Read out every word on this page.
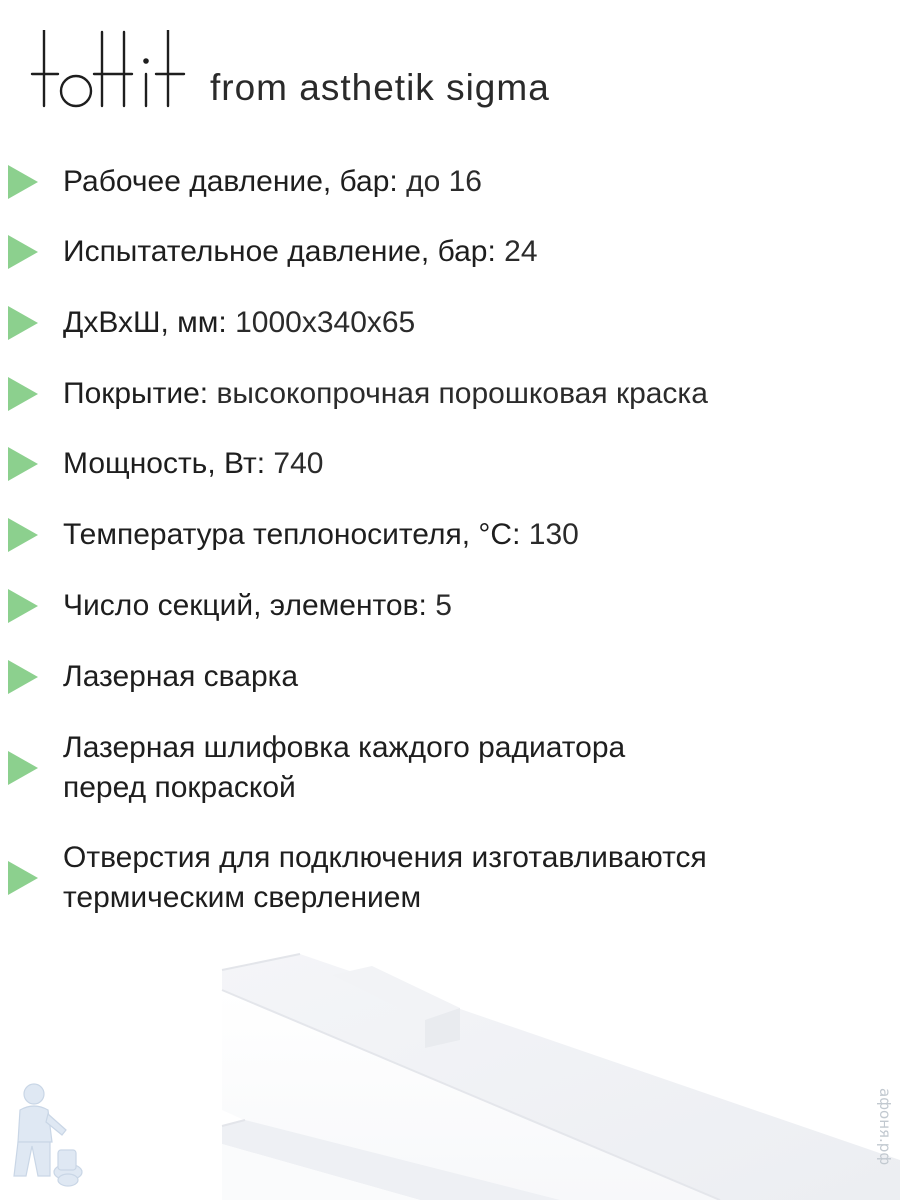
from asthetik sigma
Рабочее давление, бар: до 16
Испытательное давление, бар: 24
ДхВхШ, мм: 1000x340x65
Покрытие: высокопрочная порошковая краска
Мощность, Вт: 740
Температура теплоносителя, °C: 130
Число секций, элементов: 5
Лазерная сварка
Лазерная шлифовка каждого радиатора
перед покраской
Отверстия для подключения изготавливаются
термическим сверлением
афоня.рф
